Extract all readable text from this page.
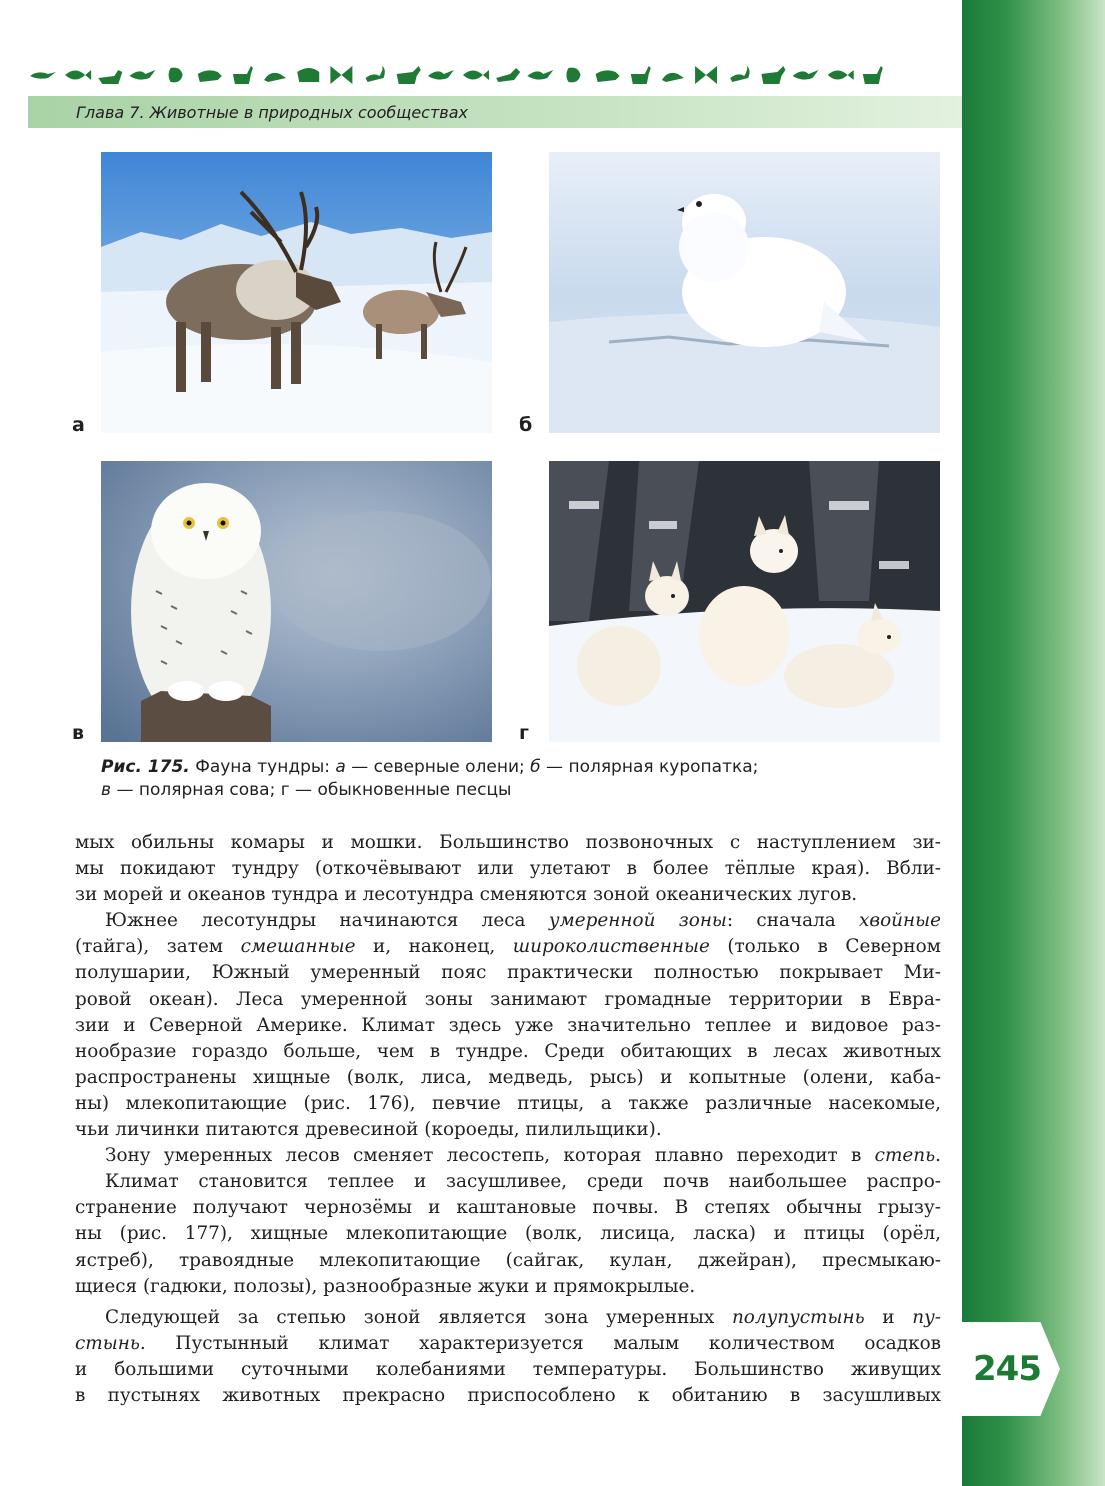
245
Глава 7. Животные в природных сообществах
а	б
в	г
Рис. 175. Фауна тундры: а — северные олени; б — полярная куропатка;
в — полярная сова; г — обыкновенные песцы

мых обильны комары и мошки. Большинство позвоночных с наступлением зи-
мы покидают тундру (откочёвывают или улетают в более тёплые края). Вбли-
зи морей и океанов тундра и лесотундра сменяются зоной океанических лугов.

Южнее лесотундры начинаются леса умеренной зоны: сначала хвойные
(тайга), затем смешанные и, наконец, широколиственные (только в Северном
полушарии, Южный умеренный пояс практически полностью покрывает Ми-
ровой океан). Леса умеренной зоны занимают громадные территории в Евра-
зии и Северной Америке. Климат здесь уже значительно теплее и видовое раз-
нообразие гораздо больше, чем в тундре. Среди обитающих в лесах животных
распространены хищные (волк, лиса, медведь, рысь) и копытные (олени, каба-
ны) млекопитающие (рис. 176), певчие птицы, а также различные насекомые,
чьи личинки питаются древесиной (короеды, пилильщики).

Зону умеренных лесов сменяет лесостепь, которая плавно переходит в степь.

Климат становится теплее и засушливее, среди почв наибольшее распро-
странение получают чернозёмы и каштановые почвы. В степях обычны грызу-
ны (рис. 177), хищные млекопитающие (волк, лисица, ласка) и птицы (орёл,
ястреб), травоядные млекопитающие (сайгак, кулан, джейран), пресмыкаю-
щиеся (гадюки, полозы), разнообразные жуки и прямокрылые.

Следующей за степью зоной является зона умеренных полупустынь и пу-
стынь. Пустынный климат характеризуется малым количеством осадков
и большими суточными колебаниями температуры. Большинство живущих
в пустынях животных прекрасно приспособлено к обитанию в засушливых
